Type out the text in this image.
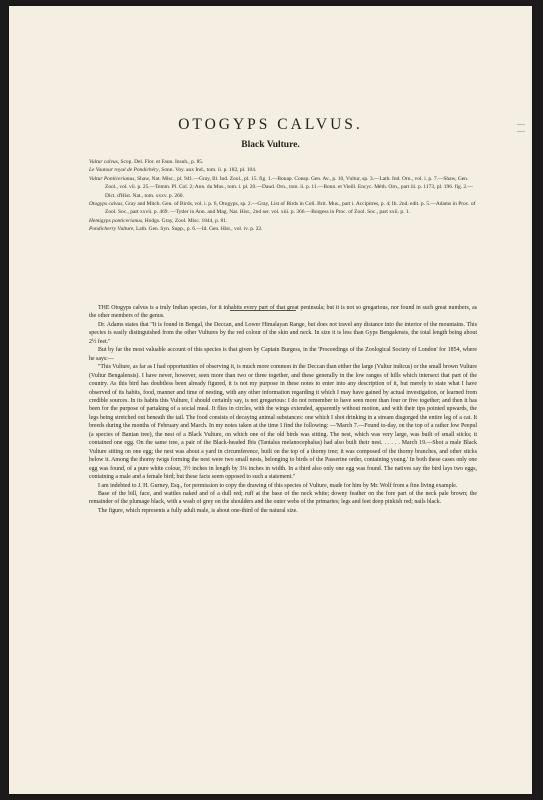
OTOGYPS CALVUS.
Black Vulture.

Vultur calvus, Scop. Del. Flor. et Faun. Insub., p. 85.

Le Vautour royal de Pondichéry, Sonn. Voy. aux Ind., tom. ii. p. 182, pl. 104.

Vultur Ponticerianus, Shaw, Nat. Misc., pl. 941.—Gray, Ill. Ind. Zool., pl. 15. fig. 1.—Bonap. Consp. Gen. Av., p. 10, Vultur, sp. 3.—Lath. Ind. Orn., vol. i. p. 7.—Shaw, Gen. Zool., vol. vii. p. 25.—Temm. Pl. Col. 2; Ann. du Mus., tom. i. pl. 20.—Daud. Orn., tom. ii. p. 11.—Bonn. et Vieill. Encyc. Méth. Orn., part iii. p. 1173, pl. 196. fig. 2.—Dict. d'Hist. Nat., tom. xxxv. p. 260.

Otogyps calvus, Gray and Mitch. Gen. of Birds, vol. i. p. 6, Otogyps, sp. 2.—Gray, List of Birds in Coll. Brit. Mus., part i. Accipitres, p. 4; Ib. 2nd. edit. p. 5.—Adams in Proc. of Zool. Soc., part xxvii. p. 469. —Tytler in Ann. and Mag. Nat. Hist., 2nd ser. vol. xiii. p. 366.—Burgess in Proc. of Zool. Soc., part xxii. p. 1.

Hemigyps ponticerianus, Hodgs. Gray, Zool. Misc. 1844, p. 81.

Pondicherry Vulture, Lath. Gen. Syn. Supp., p. 6.—Id. Gen. Hist., vol. iv. p. 22.

THE Otogyps calvus is a truly Indian species, for it inhabits every part of that great peninsula; but it is not so gregarious, nor found in such great numbers, as the other members of the genus.

Dr. Adams states that "It is found in Bengal, the Deccan, and Lower Himalayan Range, but does not travel any distance into the interior of the mountains. This species is easily distinguished from the other Vultures by the red colour of the skin and neck. In size it is less than Gyps Bengalensis, the total length being about 2½ feet."

But by far the most valuable account of this species is that given by Captain Burgess, in the 'Proceedings of the Zoological Society of London' for 1854, where he says:—

"This Vulture, as far as I had opportunities of observing it, is much more common in the Deccan than either the large (Vultur indicus) or the small brown Vulture (Vultur Bengalensis). I have never, however, seen more than two or three together, and these generally in the low ranges of hills which intersect that part of the country. As this bird has doubtless been already figured, it is not my purpose in these notes to enter into any description of it, but merely to state what I have observed of its habits, food, manner and time of nesting, with any other information regarding it which I may have gained by actual investigation, or learned from credible sources. In its habits this Vulture, I should certainly say, is not gregarious: I do not remember to have seen more than four or five together; and then it has been for the purpose of partaking of a social meal. It flies in circles, with the wings extended, apparently without motion, and with their tips pointed upwards, the legs being stretched out beneath the tail. The food consists of decaying animal substances: one which I shot drinking in a stream disgorged the entire leg of a cat. It breeds during the months of February and March. In my notes taken at the time I find the following: —'March 7.—Found to-day, on the top of a rather low Peepul (a species of Banian tree), the nest of a Black Vulture, on which one of the old birds was sitting. The nest, which was very large, was built of small sticks; it contained one egg. On the same tree, a pair of the Black-headed Ibis (Tantalus melanocephalus) had also built their nest. . . . . . March 19.—Shot a male Black Vulture sitting on one egg; the nest was about a yard in circumference, built on the top of a thorny tree; it was composed of the thorny branches, and other sticks below it. Among the thorny twigs forming the nest were two small nests, belonging to birds of the Passerine order, containing young.' In both these cases only one egg was found, of a pure white colour, 3½ inches in length by 3⅛ inches in width. In a third also only one egg was found. The natives say the bird lays two eggs, containing a male and a female bird; but these facts seem opposed to such a statement."

I am indebted to J. H. Gurney, Esq., for permission to copy the drawing of this species of Vulture, made for him by Mr. Wolf from a fine living example.

Base of the bill, face, and wattles naked and of a dull red; ruff at the base of the neck white; downy feather on the fore part of the neck pale brown; the remainder of the plumage black, with a wash of grey on the shoulders and the outer webs of the primaries; legs and feet deep pinkish red; nails black.

The figure, which represents a fully adult male, is about one-third of the natural size.
